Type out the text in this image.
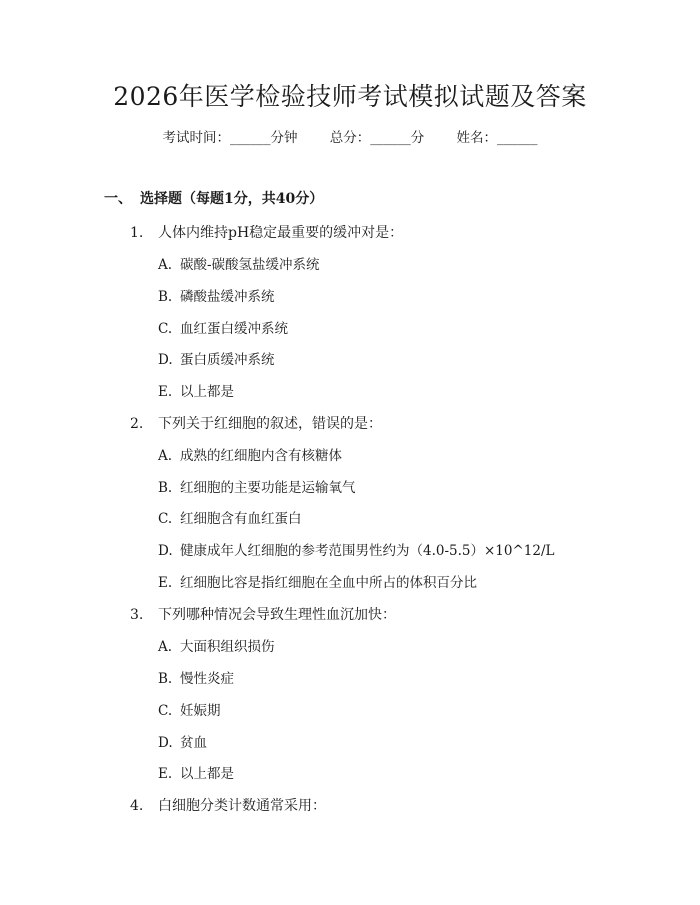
2026年医学检验技师考试模拟试题及答案
考试时间：______分钟 总分：______分 姓名：______
一、 选择题（每题1分，共40分）
1. 人体内维持pH稳定最重要的缓冲对是：
A. 碳酸-碳酸氢盐缓冲系统
B. 磷酸盐缓冲系统
C. 血红蛋白缓冲系统
D. 蛋白质缓冲系统
E. 以上都是
2. 下列关于红细胞的叙述，错误的是：
A. 成熟的红细胞内含有核糖体
B. 红细胞的主要功能是运输氧气
C. 红细胞含有血红蛋白
D. 健康成年人红细胞的参考范围男性约为（4.0-5.5）×10^12/L
E. 红细胞比容是指红细胞在全血中所占的体积百分比
3. 下列哪种情况会导致生理性血沉加快：
A. 大面积组织损伤
B. 慢性炎症
C. 妊娠期
D. 贫血
E. 以上都是
4. 白细胞分类计数通常采用：
